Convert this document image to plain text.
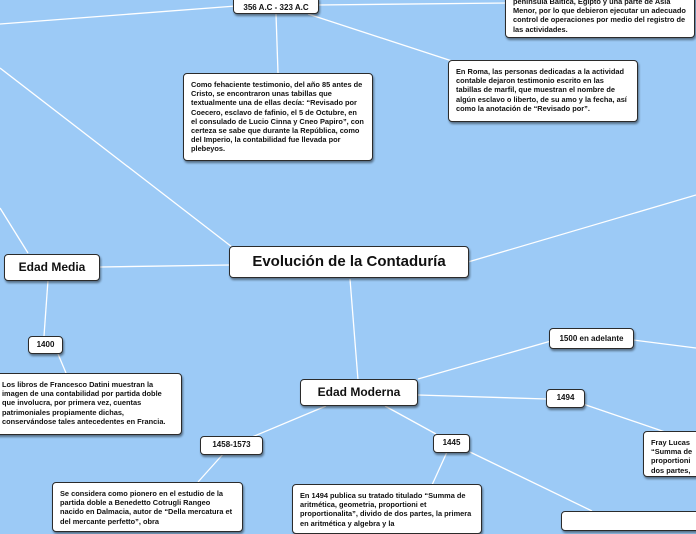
356 A.C - 323 A.C
península Báltica, Egipto y una parte de Asia Menor, por lo que debieron ejecutar un adecuado control de operaciones por medio del registro de las actividades.
Como fehaciente testimonio, del año 85 antes de Cristo, se encontraron unas tabillas que textualmente una de ellas decía: “Revisado por Coecero, esclavo de fafinio, el 5 de Octubre, en el consulado de Lucio Cinna y Cneo Papiro”, con certeza se sabe que durante la República, como del Imperio, la contabilidad fue llevada por plebeyos.
En Roma, las personas dedicadas a la actividad contable dejaron testimonio escrito en las tabillas de marfil, que muestran el nombre de algún esclavo o liberto, de su amo y la fecha, así como la anotación de “Revisado por”.
Evolución de la Contaduría
Edad Media
Edad Moderna
1400
Los libros de Francesco Datini muestran la imagen de una contabilidad por partida doble que involucra, por primera vez, cuentas patrimoniales propiamente dichas, conservándose tales antecedentes en Francia.
1500 en adelante
1494
Fray Lucas “Summa de proportioni dos partes,
1458-1573	1445
Se considera como pionero en el estudio de la partida doble a Benedetto Cotrugli Rangeo nacido en Dalmacia, autor de “Della mercatura et del mercante perfetto”, obra
En 1494 publica su tratado titulado “Summa de aritmética, geometria, proportioni et proportionalita”, divido de dos partes, la primera en aritmética y algebra y la
